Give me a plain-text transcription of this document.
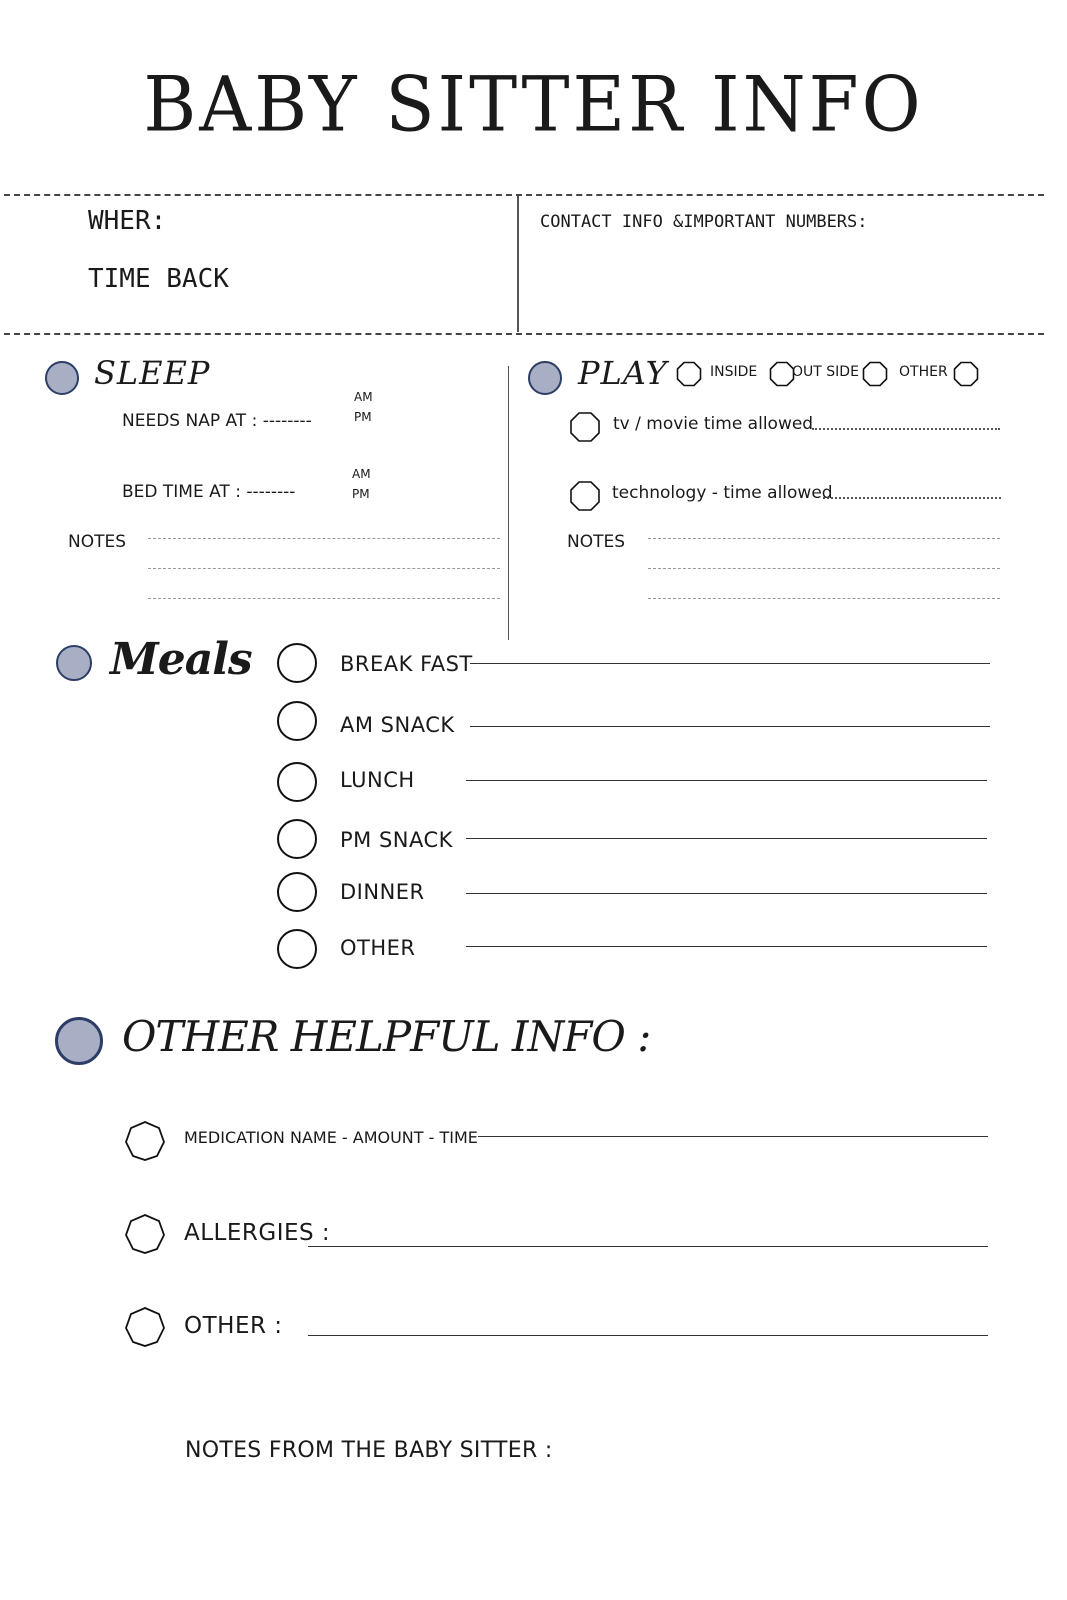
BABY SITTER INFO
WHER:
TIME BACK
CONTACT INFO &IMPORTANT NUMBERS:
SLEEP
NEEDS NAP AT : --------
AM
PM
BED TIME AT : --------
AM
PM
NOTES
PLAY	INSIDE OUT SIDE	OTHER
tv / movie time allowed
technology - time allowed
NOTES
Meals	BREAK FAST
AM SNACK
LUNCH
PM SNACK
DINNER
OTHER
OTHER HELPFUL INFO :
MEDICATION NAME - AMOUNT - TIME
ALLERGIES :
OTHER :
NOTES FROM THE BABY SITTER :
